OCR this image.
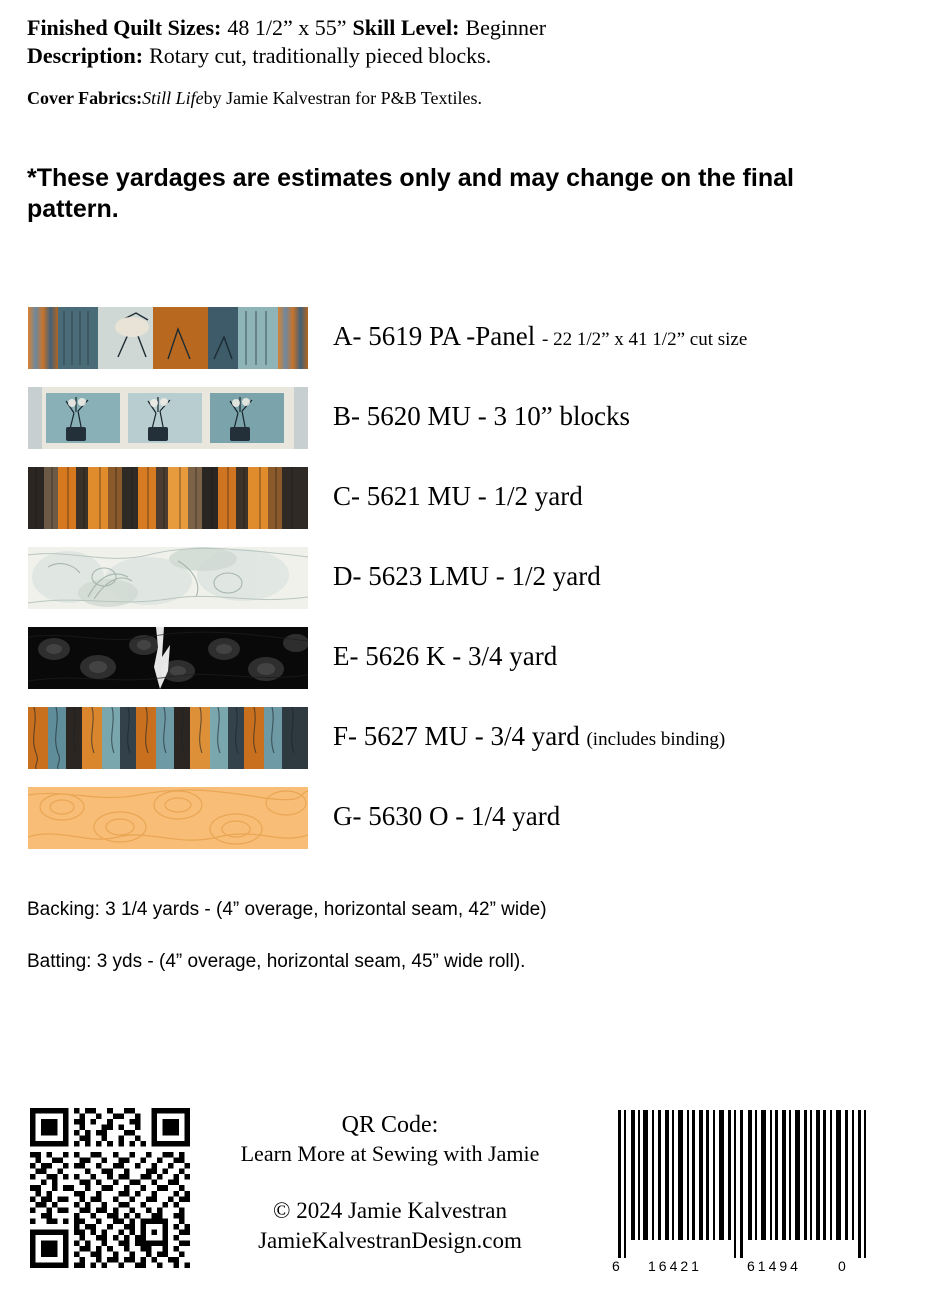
Finished Quilt Sizes: 48 1/2” x 55” Skill Level: Beginner
Description: Rotary cut, traditionally pieced blocks.
Cover Fabrics:Still Lifeby Jamie Kalvestran for P&B Textiles.
*These yardages are estimates only and may change on the final pattern.
A- 5619 PA -Panel - 22 1/2” x 41 1/2” cut size
B- 5620 MU - 3 10” blocks
C- 5621 MU - 1/2 yard
D- 5623 LMU - 1/2 yard
E- 5626 K - 3/4 yard
F- 5627 MU - 3/4 yard (includes binding)
G- 5630 O - 1/4 yard
Backing: 3 1/4 yards - (4” overage, horizontal seam, 42” wide)
Batting: 3 yds - (4” overage, horizontal seam, 45” wide roll).
QR Code:
Learn More at Sewing with Jamie
© 2024 Jamie Kalvestran
JamieKalvestranDesign.com
6 16421	61494	0
